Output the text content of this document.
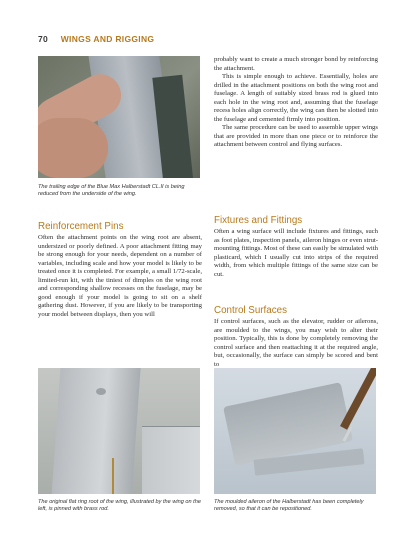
70 WINGS AND RIGGING
The trailing edge of the Blue Max Halberstadt CL.II is being reduced from the underside of the wing.
Reinforcement Pins

Often the attachment points on the wing root are absent, undersized or poorly defined. A poor attachment fitting may be strong enough for your needs, dependent on a number of variables, including scale and how your model is likely to be treated once it is completed. For example, a small 1/72-scale, limited-run kit, with the tiniest of dimples on the wing root and corresponding shallow recesses on the fuselage, may be good enough if your model is going to sit on a shelf gathering dust. However, if you are likely to be transporting your model between displays, then you will

probably want to create a much stronger bond by reinforcing the attachment.

This is simple enough to achieve. Essentially, holes are drilled in the attachment positions on both the wing root and fuselage. A length of suitably sized brass rod is glued into each hole in the wing root and, assuming that the fuselage recess holes align correctly, the wing can then be slotted into the fuselage and cemented firmly into position.

The same procedure can be used to assemble upper wings that are provided in more than one piece or to reinforce the attachment between control and flying surfaces.

Fixtures and Fittings

Often a wing surface will include fixtures and fittings, such as foot plates, inspection panels, aileron hinges or even strut-mounting fittings. Most of these can easily be simulated with plasticard, which I usually cut into strips of the required width, from which multiple fittings of the same size can be cut.

Control Surfaces

If control surfaces, such as the elevator, rudder or ailerons, are moulded to the wings, you may wish to alter their position. Typically, this is done by completely removing the control surface and then reattaching it at the required angle, but, occasionally, the surface can simply be scored and bent to

The original flat ring root of the wing, illustrated by the wing on the left, is pinned with brass rod.
The moulded aileron of the Halberstadt has been completely removed, so that it can be repositioned.
